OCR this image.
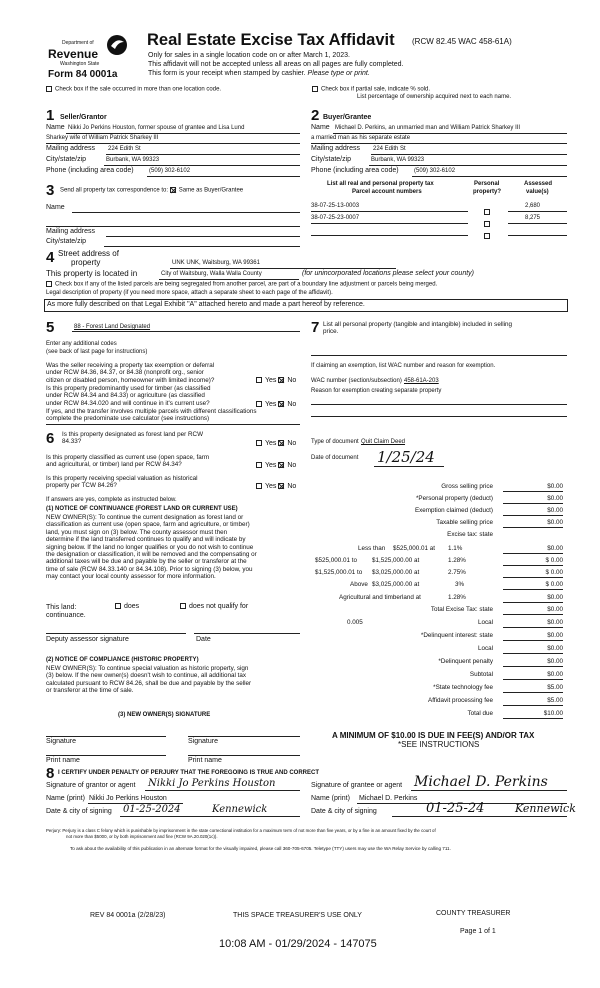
Department of
Revenue
Washington State
Form 84 0001a
Real Estate Excise Tax Affidavit (RCW 82.45 WAC 458-61A)
Only for sales in a single location code on or after March 1, 2023.
This affidavit will not be accepted unless all areas on all pages are fully completed.
This form is your receipt when stamped by cashier. Please type or print.
Check box if the sale occurred in more than one location code.	Check box if partial sale, indicate % sold.
List percentage of ownership acquired next to each name.
1 Seller/Grantor
Name Nikki Jo Perkins Houston, former spouse of grantee and Lisa Lund
Sharkey wife of William Patrick Sharkey III
Mailing address 224 Edith St
City/state/zip	Burbank, WA 99323
Phone (including area code)	(509) 302-6102
2 Buyer/Grantee
Name Michael D. Perkins, an unmarried man and William Patrick Sharkey III
a married man as his separate estate
Mailing address 224 Edith St
City/state/zip	Burbank, WA 99323
Phone (including area code)	(509) 302-6102
3 Send all property tax correspondence to: Same as Buyer/Grantee
Name
Mailing address
City/state/zip
List all real and personal property tax
Parcel account numbers
Personal
property?
Assessed
value(s)
38-07-25-13-0003	2,680
38-07-25-23-0007	8,275
4 Street address of
property	UNK UNK, Waitsburg, WA 99361
This property is located in	City of Waitsburg, Walla Walla County	(for unincorporated locations please select your county)
Check box if any of the listed parcels are being segregated from another parcel, are part of a boundary line adjustment or parcels being merged.
Legal description of property (if you need more space, attach a separate sheet to each page of the affidavit).
As more fully described on that Legal Exhibit "A" attached hereto and made a part hereof by reference.
5	88 - Forest Land Designated
Enter any additional codes
(see back of last page for instructions)
Was the seller receiving a property tax exemption or deferral
under RCW 84.36, 84.37, or 84.38 (nonprofit org., senior
citizen or disabled person, homeowner with limited income)?	Yes No
Is this property predominantly used for timber (as classified
under RCW 84.34 and 84.33) or agriculture (as classified
under RCW 84.34.020 and will continue in it's current use?	Yes No
If yes, and the transfer involves multiple parcels with different classifications
complete the predominate use calculator (see instructions)
6 Is this property designated as forest land per RCW
84.33?	Yes No
Is this property classified as current use (open space, farm
and agricultural, or timber) land per RCW 84.34?	Yes No
Is this property receiving special valuation as historical
property per TCW 84.26?	Yes No
If answers are yes, complete as instructed below.
(1) NOTICE OF CONTINUANCE (FOREST LAND OR CURRENT USE)
NEW OWNER(S): To continue the current designation as forest land or
classification as current use (open space, farm and agriculture, or timber)
land, you must sign on (3) below. The county assessor must then
determine if the land transferred continues to qualify and will indicate by
signing below. If the land no longer qualifies or you do not wish to continue
the designation or classification, it will be removed and the compensating or
additional taxes will be due and payable by the seller or transferor at the
time of sale (RCW 84.33.140 or 84.34.108). Prior to signing (3) below, you
may contact your local county assessor for more information.
This land:	does	does not qualify for
continuance.
Deputy assessor signature	Date
(2) NOTICE OF COMPLIANCE (HISTORIC PROPERTY)
NEW OWNER(S): To continue special valuation as historic property, sign
(3) below. If the new owner(s) doesn't wish to continue, all additional tax
calculated pursuant to RCW 84.26, shall be due and payable by the seller
or transferor at the time of sale.
(3) NEW OWNER(S) SIGNATURE
Signature	Signature
Print name	Print name
7 List all personal property (tangible and intangible) included in selling
price.
If claiming an exemption, list WAC number and reason for exemption.
WAC number (section/subsection) 458-61A-203
Reason for exemption creating separate property
Type of document Quit Claim Deed
Date of document 1/25/24
Gross selling price	$0.00
*Personal property (deduct)	$0.00
Exemption claimed (deduct)	$0.00
Taxable selling price	$0.00
Excise tax: state
Less than $525,000.01 at 1.1%	$0.00
$525,000.01 to $1,525,000.00 at	1.28%	$ 0.00
$1,525,000.01 to $3,025,000.00 at	2.75%	$ 0.00
Above $3,025,000.00 at	3%	$ 0.00
Agricultural and timberland at	1.28%	$0.00
Total Excise Tax: state	$0.00
0.005	Local	$0.00
*Delinquent interest: state	$0.00
Local	$0.00
*Delinquent penalty	$0.00
Subtotal	$0.00
*State technology fee	$5.00
Affidavit processing fee	$5.00
Total due	$10.00
A MINIMUM OF $10.00 IS DUE IN FEE(S) AND/OR TAX
*SEE INSTRUCTIONS
8 I CERTIFY UNDER PENALTY OF PERJURY THAT THE FOREGOING IS TRUE AND CORRECT
Signature of grantor or agent Nikki Jo Perkins Houston
Name (print) Nikki Jo Perkins Houston
Date & city of signing 01-25-2024	Kennewick
Signature of grantee or agent Michael D. Perkins
Name (print) Michael D. Perkins
Date & city of signing	01-25-24	Kennewick
Perjury: Perjury is a class C felony which is punishable by imprisonment in the state correctional institution for a maximum term of not more than five years, or by a fine in an amount fixed by the court of
not more than $5000, or by both imprisonment and fine (RCW 9A.20.020(1c)).
To ask about the availability of this publication in an alternate format for the visually impaired, please call 360-705-6705. Teletype (TTY) users may use the WA Relay Service by calling 711.
REV 84 0001a (2/28/23)	THIS SPACE TREASURER'S USE ONLY	COUNTY TREASURER
Page 1 of 1
10:08 AM - 01/29/2024 - 147075
